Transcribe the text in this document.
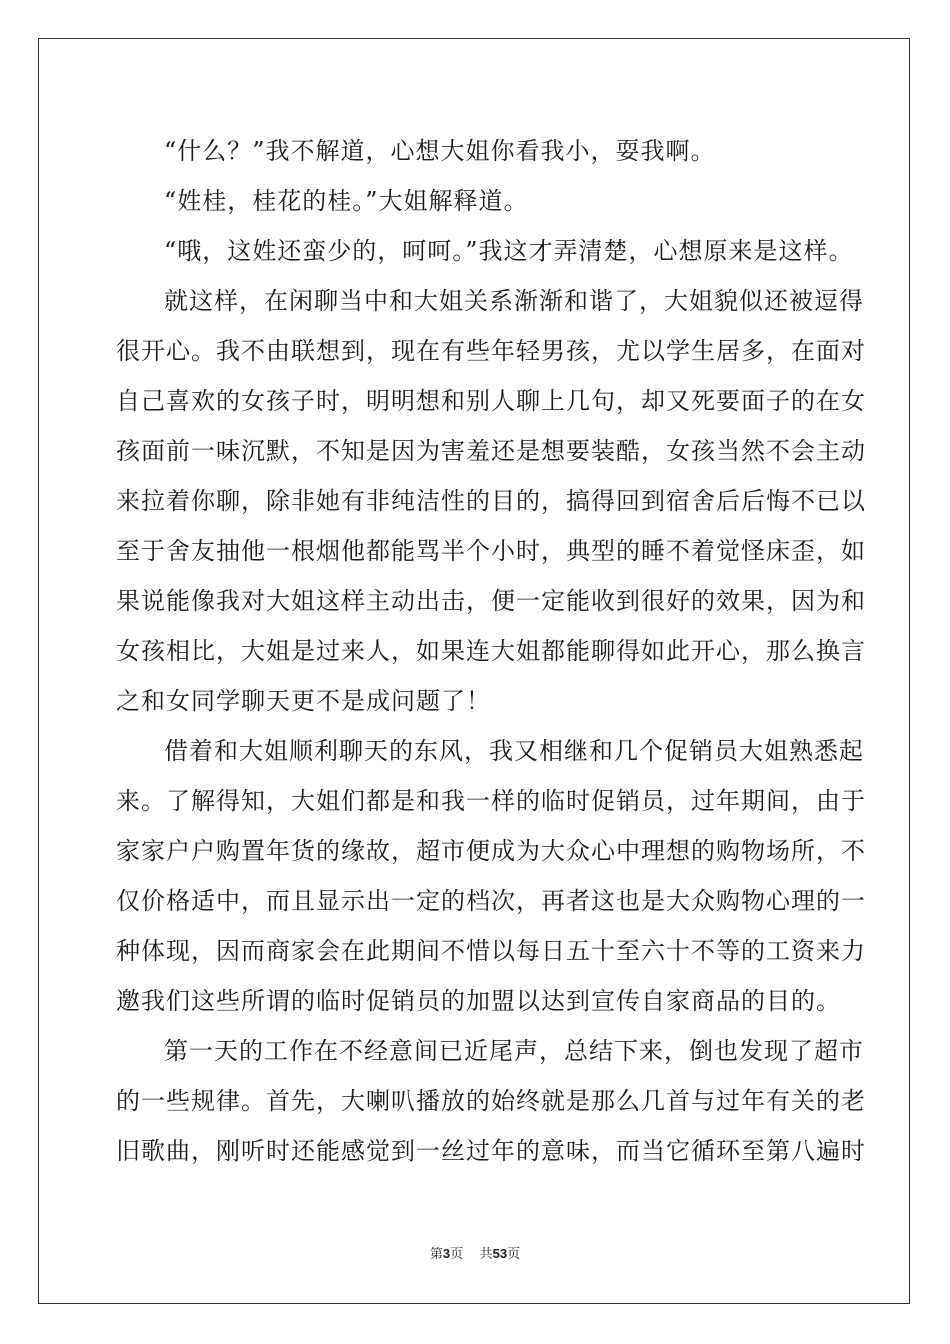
“什么？”我不解道，心想大姐你看我小，耍我啊。
“姓桂，桂花的桂。”大姐解释道。
“哦，这姓还蛮少的，呵呵。”我这才弄清楚，心想原来是这样。
就这样，在闲聊当中和大姐关系渐渐和谐了，大姐貌似还被逗得
很开心。我不由联想到，现在有些年轻男孩，尤以学生居多，在面对
自己喜欢的女孩子时，明明想和别人聊上几句，却又死要面子的在女
孩面前一味沉默，不知是因为害羞还是想要装酷，女孩当然不会主动
来拉着你聊，除非她有非纯洁性的目的，搞得回到宿舍后后悔不已以
至于舍友抽他一根烟他都能骂半个小时，典型的睡不着觉怪床歪，如
果说能像我对大姐这样主动出击，便一定能收到很好的效果，因为和
女孩相比，大姐是过来人，如果连大姐都能聊得如此开心，那么换言
之和女同学聊天更不是成问题了！
借着和大姐顺利聊天的东风，我又相继和几个促销员大姐熟悉起
来。了解得知，大姐们都是和我一样的临时促销员，过年期间，由于
家家户户购置年货的缘故，超市便成为大众心中理想的购物场所，不
仅价格适中，而且显示出一定的档次，再者这也是大众购物心理的一
种体现，因而商家会在此期间不惜以每日五十至六十不等的工资来力
邀我们这些所谓的临时促销员的加盟以达到宣传自家商品的目的。
第一天的工作在不经意间已近尾声，总结下来，倒也发现了超市
的一些规律。首先，大喇叭播放的始终就是那么几首与过年有关的老
旧歌曲，刚听时还能感觉到一丝过年的意味，而当它循环至第八遍时
第3页 共53页
